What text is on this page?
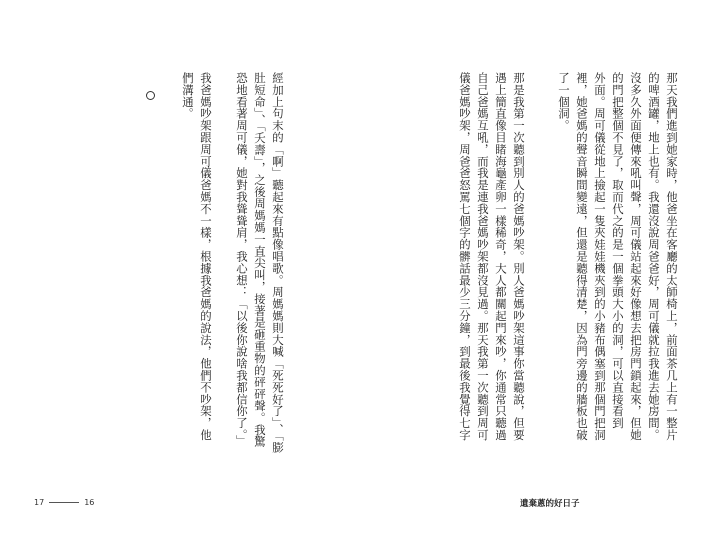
那天我們進到她家時，他爸坐在客廳的太師椅上，前面茶几上有一整片
的啤酒罐，地上也有。我還沒說周爸爸好，周可儀就拉我進去她房間。
沒多久外面便傳來吼叫聲，周可儀站起來好像想去把房門鎖起來，但她
的門把整個不見了，取而代之的是一個拳頭大小的洞，可以直接看到
外面。周可儀從地上撿起一隻夾娃娃機夾到的小豬布偶塞到那個門把洞
裡，她爸媽的聲音瞬間變遠，但還是聽得清楚，因為門旁邊的牆板也破
了一個洞。
那是我第一次聽到別人的爸媽吵架。別人爸媽吵架這事你當聽說，但要
遇上簡直像目睹海龜產卵一樣稀奇，大人都關起門來吵，你通常只聽過
自己爸媽互吼，而我是連我爸媽吵架都沒見過。那天我第一次聽到周可
儀爸媽吵架，周爸爸怒罵七個字的髒話最少三分鐘，到最後我覺得七字
經加上句末的「啊」聽起來有點像唱歌。周媽媽則大喊「死死好了」、「膨
肚短命」、「夭壽」，之後周媽媽一直尖叫，接著是砸重物的砰砰聲。我驚
恐地看著周可儀，她對我聳聳肩，我心想：「以後你說啥我都信你了。」
我爸媽吵架跟周可儀爸媽不一樣，根據我爸媽的說法，他們不吵架，他
們溝通。
17	16	遺棄蔥的好日子
